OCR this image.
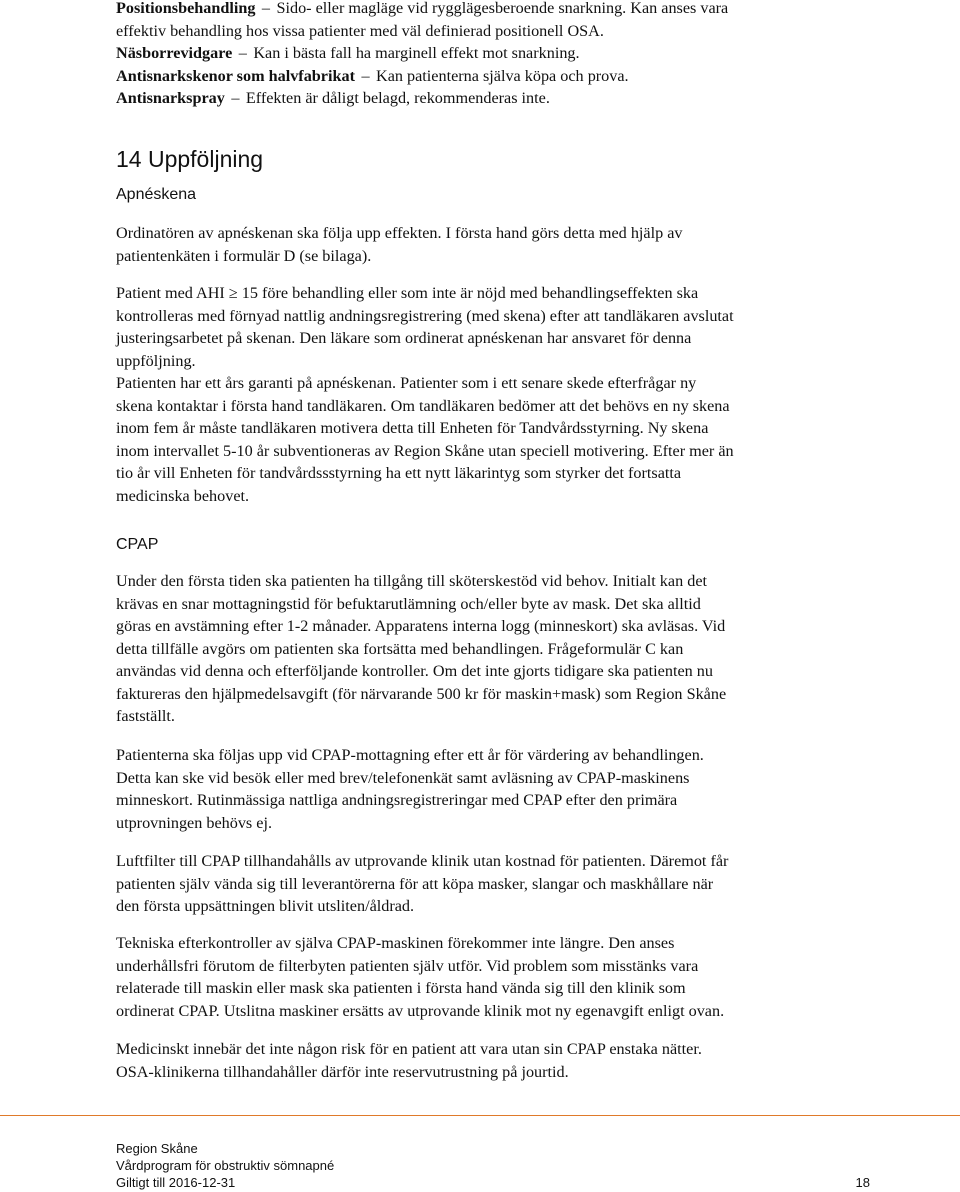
Positionsbehandling – Sido- eller magläge vid rygglägesberoende snarkning. Kan anses vara
effektiv behandling hos vissa patienter med väl definierad positionell OSA.
Näsborrevidgare – Kan i bästa fall ha marginell effekt mot snarkning.
Antisnarkskenor som halvfabrikat – Kan patienterna själva köpa och prova.
Antisnarkspray – Effekten är dåligt belagd, rekommenderas inte.
14 Uppföljning
Apnéskena
Ordinatören av apnéskenan ska följa upp effekten. I första hand görs detta med hjälp av
patientenkäten i formulär D (se bilaga).
Patient med AHI ≥ 15 före behandling eller som inte är nöjd med behandlingseffekten ska
kontrolleras med förnyad nattlig andningsregistrering (med skena) efter att tandläkaren avslutat
justeringsarbetet på skenan. Den läkare som ordinerat apnéskenan har ansvaret för denna
uppföljning.
Patienten har ett års garanti på apnéskenan. Patienter som i ett senare skede efterfrågar ny
skena kontaktar i första hand tandläkaren. Om tandläkaren bedömer att det behövs en ny skena
inom fem år måste tandläkaren motivera detta till Enheten för Tandvårdsstyrning. Ny skena
inom intervallet 5-10 år subventioneras av Region Skåne utan speciell motivering. Efter mer än
tio år vill Enheten för tandvårdssstyrning ha ett nytt läkarintyg som styrker det fortsatta
medicinska behovet.
CPAP
Under den första tiden ska patienten ha tillgång till sköterskestöd vid behov. Initialt kan det
krävas en snar mottagningstid för befuktarutlämning och/eller byte av mask. Det ska alltid
göras en avstämning efter 1-2 månader. Apparatens interna logg (minneskort) ska avläsas. Vid
detta tillfälle avgörs om patienten ska fortsätta med behandlingen. Frågeformulär C kan
användas vid denna och efterföljande kontroller. Om det inte gjorts tidigare ska patienten nu
faktureras den hjälpmedelsavgift (för närvarande 500 kr för maskin+mask) som Region Skåne
fastställt.
Patienterna ska följas upp vid CPAP-mottagning efter ett år för värdering av behandlingen.
Detta kan ske vid besök eller med brev/telefonenkät samt avläsning av CPAP-maskinens
minneskort. Rutinmässiga nattliga andningsregistreringar med CPAP efter den primära
utprovningen behövs ej.
Luftfilter till CPAP tillhandahålls av utprovande klinik utan kostnad för patienten. Däremot får
patienten själv vända sig till leverantörerna för att köpa masker, slangar och maskhållare när
den första uppsättningen blivit utsliten/åldrad.
Tekniska efterkontroller av själva CPAP-maskinen förekommer inte längre. Den anses
underhållsfri förutom de filterbyten patienten själv utför. Vid problem som misstänks vara
relaterade till maskin eller mask ska patienten i första hand vända sig till den klinik som
ordinerat CPAP. Utslitna maskiner ersätts av utprovande klinik mot ny egenavgift enligt ovan.
Medicinskt innebär det inte någon risk för en patient att vara utan sin CPAP enstaka nätter.
OSA-klinikerna tillhandahåller därför inte reservutrustning på jourtid.
Region Skåne
Vårdprogram för obstruktiv sömnapné
Giltigt till 2016-12-31	18
